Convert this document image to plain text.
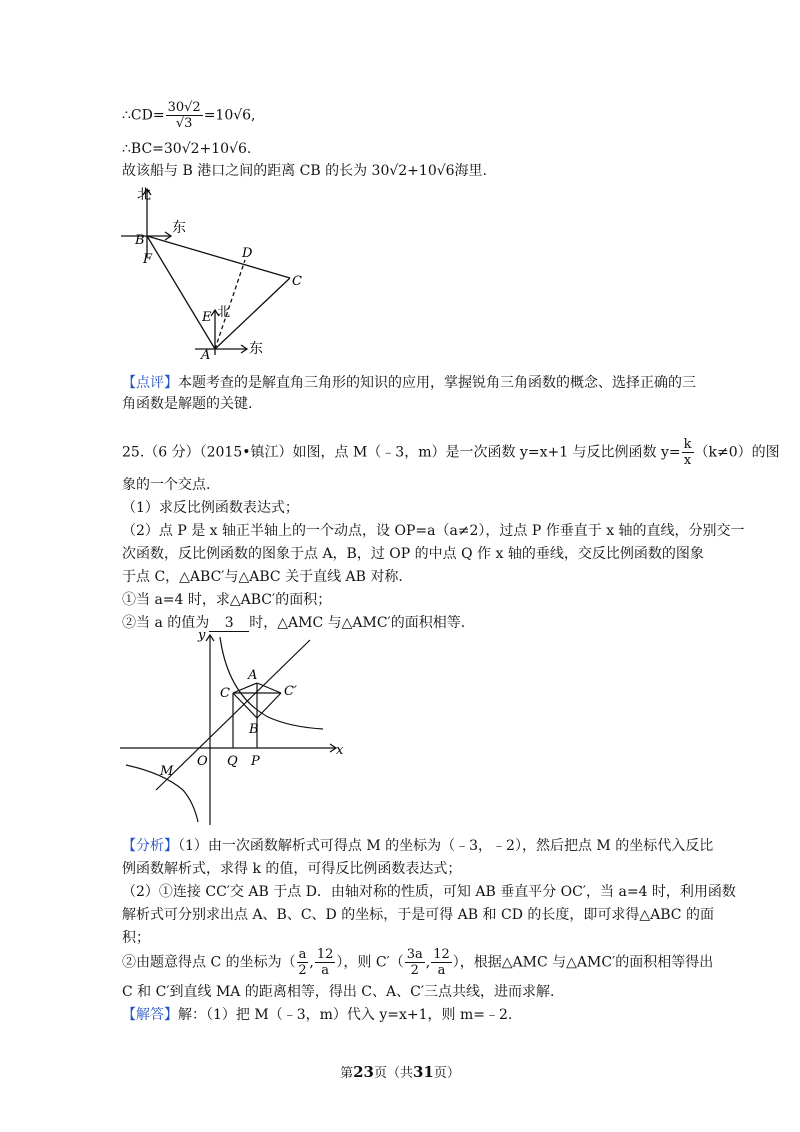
∴CD= $\frac{30√2}{√3} =10√6$,
∴BC=30√2+10√6.
故该船与 B 港口之间的距离 CB 的长为 30√2+10√6海里.
北
东
B
F	D
C
E 北
A	东
【点评】本题考查的是解直角三角形的知识的应用，掌握锐角三角函数的概念、选择正确的三
角函数是解题的关键.
25.（6 分）（2015•镇江）如图，点 M（﹣3，m）是一次函数 y=x+1 与反比例函数 $y= \frac{k}{x} (k\ne 0)$的图
象的一个交点.
（1）求反比例函数表达式；
（2）点 P 是 x 轴正半轴上的一个动点，设 OP=a（a≠2），过点 P 作垂直于 x 轴的直线，分别交一
次函数，反比例函数的图象于点 A，B，过 OP 的中点 Q 作 x 轴的垂线，交反比例函数的图象
于点 C，△ABC′与△ABC 关于直线 AB 对称.
①当 a=4 时，求△ABC′的面积；
②当 a 的值为 3 时，△AMC 与△AMC′的面积相等.
y
x
O Q P
A
B
C	C′
M
【分析】（1）由一次函数解析式可得点 M 的坐标为（﹣3，﹣2），然后把点 M 的坐标代入反比
例函数解析式，求得 k 的值，可得反比例函数表达式；
（2）①连接 CC′交 AB 于点 D．由轴对称的性质，可知 AB 垂直平分 OC′，当 a=4 时，利用函数
解析式可分别求出点 A、B、C、D 的坐标，于是可得 AB 和 CD 的长度，即可求得△ABC 的面
积；
②由题意得点 C 的坐标为（ $\frac{a}{2}$ , $\frac{12}{a}$ ），则 $C'( \frac{3a}{2}$ , $\frac{12}{a}$ ），根据△AMC 与△AMC′的面积相等得出
C 和 C′到直线 MA 的距离相等，得出 C、A、C′三点共线，进而求解.
【解答】解：（1）把 M（﹣3，m）代入 y=x+1，则 m=﹣2.
第23页（共31页）
